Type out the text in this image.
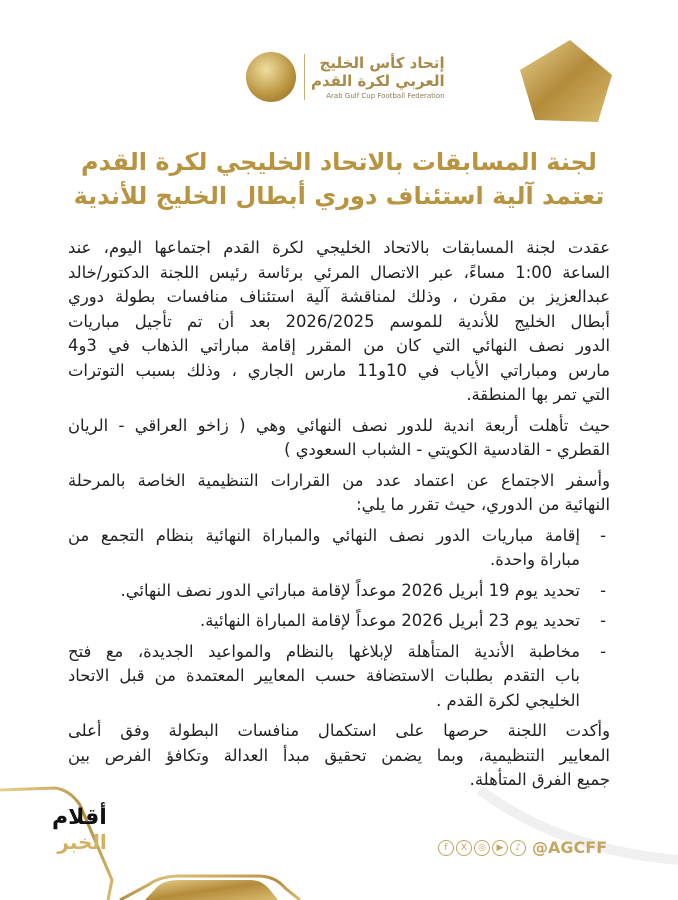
إتحاد كأس الخليج
العربي لكرة القدم
Arab Gulf Cup Football Federation
لجنة المسابقات بالاتحاد الخليجي لكرة القدم
تعتمد آلية استئناف دوري أبطال الخليج للأندية
عقدت لجنة المسابقات بالاتحاد الخليجي لكرة القدم اجتماعها اليوم، عند
الساعة 1:00 مساءً، عبر الاتصال المرئي برئاسة رئيس اللجنة الدكتور/خالد
عبدالعزيز بن مقرن ، وذلك لمناقشة آلية استئناف منافسات بطولة دوري
أبطال الخليج للأندية للموسم 2026/2025 بعد أن تم تأجيل مباريات
الدور نصف النهائي التي كان من المقرر إقامة مباراتي الذهاب في 3و4
مارس ومباراتي الأياب في 10و11 مارس الجاري ، وذلك بسبب التوترات
التي تمر بها المنطقة.
حيث تأهلت أربعة اندية للدور نصف النهائي وهي ( زاخو العراقي - الريان
القطري - القادسية الكويتي - الشباب السعودي )
وأسفر الاجتماع عن اعتماد عدد من القرارات التنظيمية الخاصة بالمرحلة
النهائية من الدوري، حيث تقرر ما يلي:
-
إقامة مباريات الدور نصف النهائي والمباراة النهائية بنظام التجمع من
مباراة واحدة.
-
تحديد يوم 19 أبريل 2026 موعداً لإقامة مباراتي الدور نصف النهائي.
-
تحديد يوم 23 أبريل 2026 موعداً لإقامة المباراة النهائية.
-
مخاطبة الأندية المتأهلة لإبلاغها بالنظام والمواعيد الجديدة، مع فتح
باب التقدم بطلبات الاستضافة حسب المعايير المعتمدة من قبل الاتحاد
الخليجي لكرة القدم .
وأكدت اللجنة حرصها على استكمال منافسات البطولة وفق أعلى
المعايير التنظيمية، وبما يضمن تحقيق مبدأ العدالة وتكافؤ الفرص بين
جميع الفرق المتأهلة.
أقلام
الخبر	f	X	◎	▶	♪ @AGCFF
